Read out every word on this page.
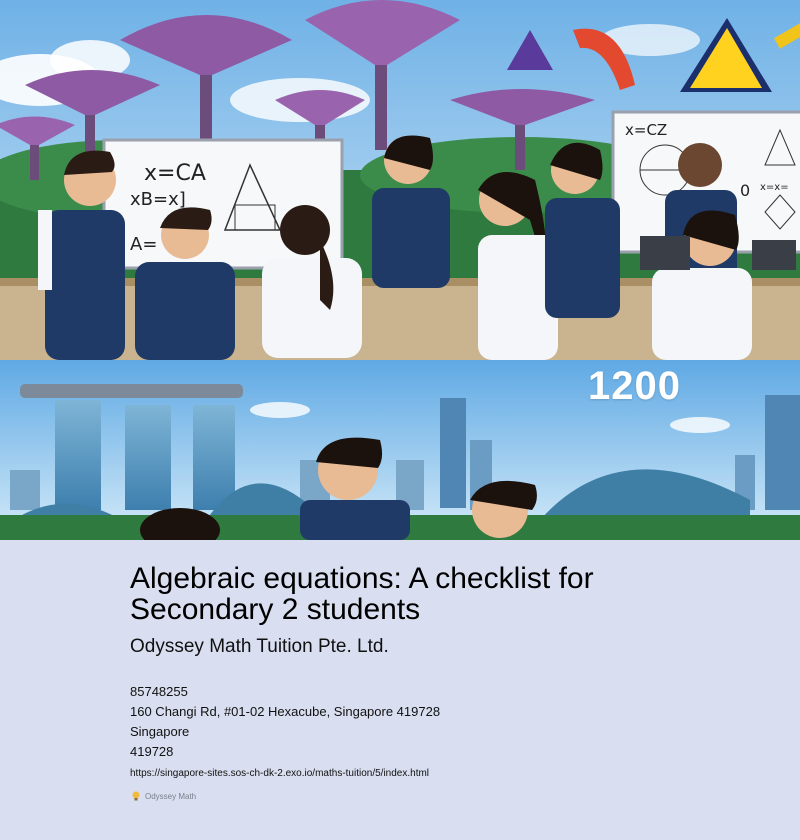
x=CA
xB=x]
A=
x=CZ
0 x=x=
1200
Algebraic equations: A checklist for Secondary 2 students
Odyssey Math Tuition Pte. Ltd.
85748255
160 Changi Rd, #01-02 Hexacube, Singapore 419728
Singapore
419728
https://singapore-sites.sos-ch-dk-2.exo.io/maths-tuition/5/index.html
Odyssey Math
